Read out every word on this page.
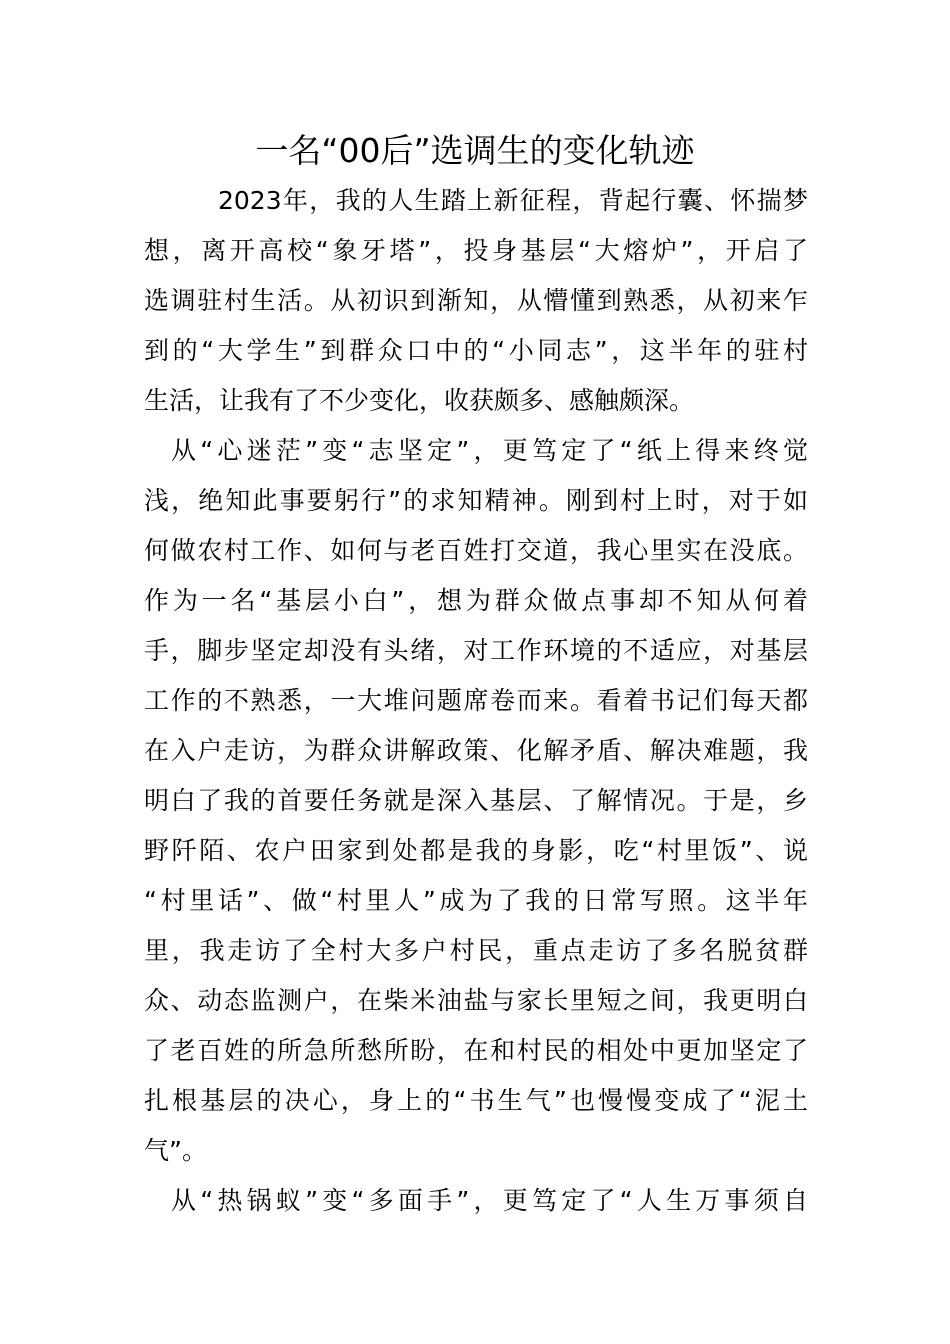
一名“00后”选调生的变化轨迹

2023年，我的人生踏上新征程，背起行囊、怀揣梦

想，离开高校“象牙塔”，投身基层“大熔炉”，开启了

选调驻村生活。从初识到渐知，从懵懂到熟悉，从初来乍

到的“大学生”到群众口中的“小同志”，这半年的驻村

生活，让我有了不少变化，收获颇多、感触颇深。

从“心迷茫”变“志坚定”，更笃定了“纸上得来终觉

浅，绝知此事要躬行”的求知精神。刚到村上时，对于如

何做农村工作、如何与老百姓打交道，我心里实在没底。

作为一名“基层小白”，想为群众做点事却不知从何着

手，脚步坚定却没有头绪，对工作环境的不适应，对基层

工作的不熟悉，一大堆问题席卷而来。看着书记们每天都

在入户走访，为群众讲解政策、化解矛盾、解决难题，我

明白了我的首要任务就是深入基层、了解情况。于是，乡

野阡陌、农户田家到处都是我的身影，吃“村里饭”、说

“村里话”、做“村里人”成为了我的日常写照。这半年

里，我走访了全村大多户村民，重点走访了多名脱贫群

众、动态监测户，在柴米油盐与家长里短之间，我更明白

了老百姓的所急所愁所盼，在和村民的相处中更加坚定了

扎根基层的决心，身上的“书生气”也慢慢变成了“泥土

气”。

从“热锅蚁”变“多面手”，更笃定了“人生万事须自
